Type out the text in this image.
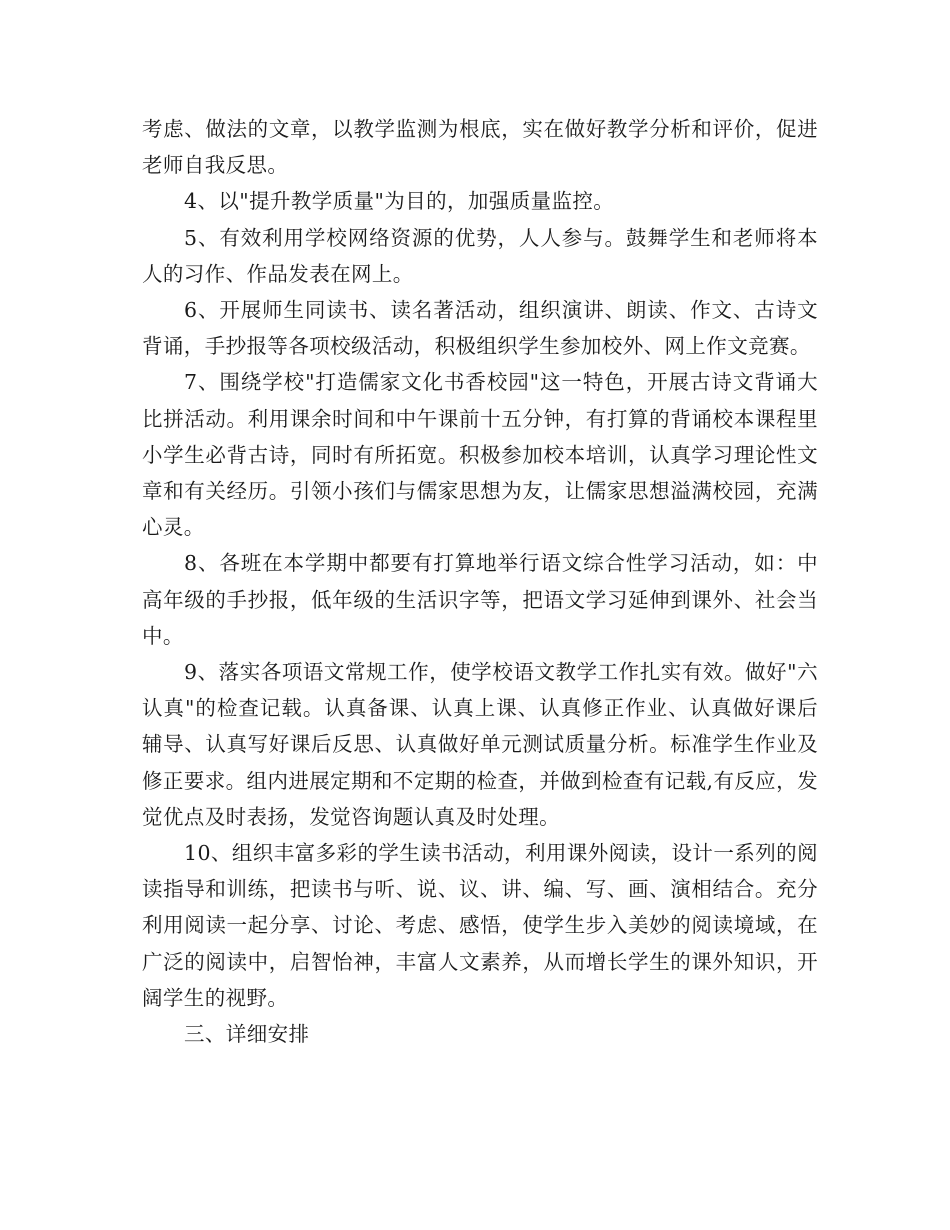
考虑、做法的文章，以教学监测为根底，实在做好教学分析和评价，促进老师自我反思。

4、以"提升教学质量"为目的，加强质量监控。

5、有效利用学校网络资源的优势，人人参与。鼓舞学生和老师将本人的习作、作品发表在网上。

6、开展师生同读书、读名著活动，组织演讲、朗读、作文、古诗文背诵，手抄报等各项校级活动，积极组织学生参加校外、网上作文竞赛。

7、围绕学校"打造儒家文化书香校园"这一特色，开展古诗文背诵大比拼活动。利用课余时间和中午课前十五分钟，有打算的背诵校本课程里小学生必背古诗，同时有所拓宽。积极参加校本培训，认真学习理论性文章和有关经历。引领小孩们与儒家思想为友，让儒家思想溢满校园，充满心灵。

8、各班在本学期中都要有打算地举行语文综合性学习活动，如：中高年级的手抄报，低年级的生活识字等，把语文学习延伸到课外、社会当中。

9、落实各项语文常规工作，使学校语文教学工作扎实有效。做好"六认真"的检查记载。认真备课、认真上课、认真修正作业、认真做好课后辅导、认真写好课后反思、认真做好单元测试质量分析。标准学生作业及修正要求。组内进展定期和不定期的检查，并做到检查有记载,有反应，发觉优点及时表扬，发觉咨询题认真及时处理。

10、组织丰富多彩的学生读书活动，利用课外阅读，设计一系列的阅读指导和训练，把读书与听、说、议、讲、编、写、画、演相结合。充分利用阅读一起分享、讨论、考虑、感悟，使学生步入美妙的阅读境域，在广泛的阅读中，启智怡神，丰富人文素养，从而增长学生的课外知识，开阔学生的视野。

三、详细安排
